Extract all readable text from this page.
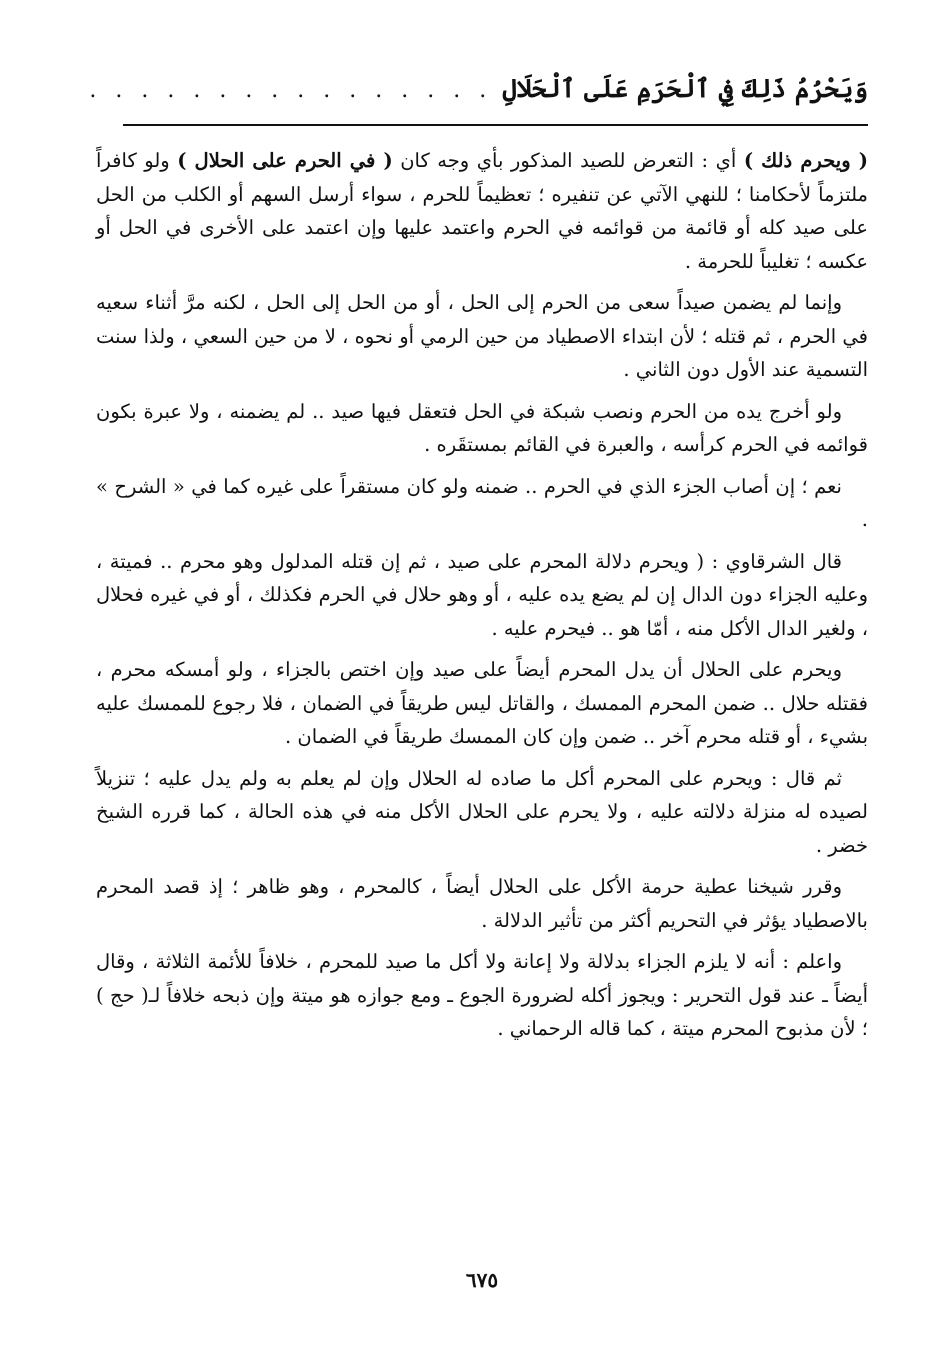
وَيَحْرُمُ ذَلِكَ فِي ٱلْحَرَمِ عَلَى ٱلْحَلَالِ
. . . . . . . . . . . . . . . .

( ويحرم ذلك ) أي : التعرض للصيد المذكور بأي وجه كان ( في الحرم على الحلال ) ولو كافراً ملتزماً لأحكامنا ؛ للنهي الآتي عن تنفيره ؛ تعظيماً للحرم ، سواء أرسل السهم أو الكلب من الحل على صيد كله أو قائمة من قوائمه في الحرم واعتمد عليها وإن اعتمد على الأخرى في الحل أو عكسه ؛ تغليباً للحرمة .

وإنما لم يضمن صيداً سعى من الحرم إلى الحل ، أو من الحل إلى الحل ، لكنه مرَّ أثناء سعيه في الحرم ، ثم قتله ؛ لأن ابتداء الاصطياد من حين الرمي أو نحوه ، لا من حين السعي ، ولذا سنت التسمية عند الأول دون الثاني .

ولو أخرج يده من الحرم ونصب شبكة في الحل فتعقل فيها صيد .. لم يضمنه ، ولا عبرة بكون قوائمه في الحرم كرأسه ، والعبرة في القائم بمستقَره .

نعم ؛ إن أصاب الجزء الذي في الحرم .. ضمنه ولو كان مستقراً على غيره كما في « الشرح » .

قال الشرقاوي : ( ويحرم دلالة المحرم على صيد ، ثم إن قتله المدلول وهو محرم .. فميتة ، وعليه الجزاء دون الدال إن لم يضع يده عليه ، أو وهو حلال في الحرم فكذلك ، أو في غيره فحلال ، ولغير الدال الأكل منه ، أمّا هو .. فيحرم عليه .

ويحرم على الحلال أن يدل المحرم أيضاً على صيد وإن اختص بالجزاء ، ولو أمسكه محرم ، فقتله حلال .. ضمن المحرم الممسك ، والقاتل ليس طريقاً في الضمان ، فلا رجوع للممسك عليه بشيء ، أو قتله محرم آخر .. ضمن وإن كان الممسك طريقاً في الضمان .

ثم قال : ويحرم على المحرم أكل ما صاده له الحلال وإن لم يعلم به ولم يدل عليه ؛ تنزيلاً لصيده له منزلة دلالته عليه ، ولا يحرم على الحلال الأكل منه في هذه الحالة ، كما قرره الشيخ خضر .

وقرر شيخنا عطية حرمة الأكل على الحلال أيضاً ، كالمحرم ، وهو ظاهر ؛ إذ قصد المحرم بالاصطياد يؤثر في التحريم أكثر من تأثير الدلالة .

واعلم : أنه لا يلزم الجزاء بدلالة ولا إعانة ولا أكل ما صيد للمحرم ، خلافاً للأئمة الثلاثة ، وقال أيضاً ـ عند قول التحرير : ويجوز أكله لضرورة الجوع ـ ومع جوازه هو ميتة وإن ذبحه خلافاً لـ( حج ) ؛ لأن مذبوح المحرم ميتة ، كما قاله الرحماني .

٦٧٥
